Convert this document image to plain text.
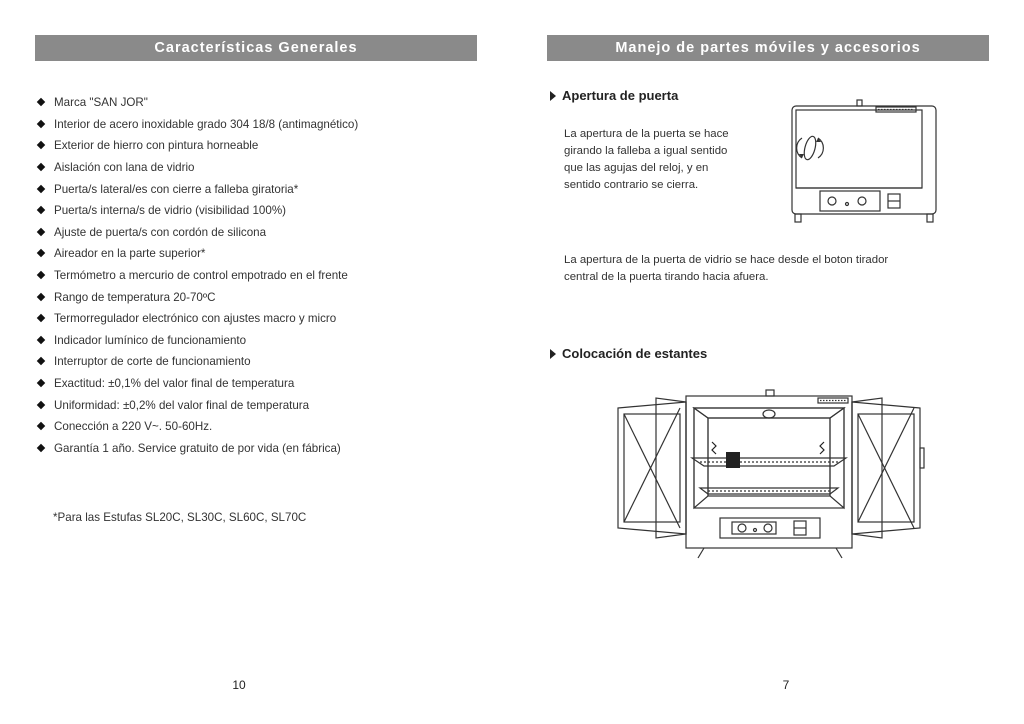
Características Generales
Marca "SAN JOR"
Interior de acero inoxidable grado 304 18/8 (antimagnético)
Exterior de hierro con pintura horneable
Aislación con lana de vidrio
Puerta/s lateral/es con cierre a falleba giratoria*
Puerta/s interna/s de vidrio (visibilidad 100%)
Ajuste de puerta/s con cordón de silicona
Aireador en la parte superior*
Termómetro a mercurio de control empotrado en el frente
Rango de temperatura 20-70ºC
Termorregulador electrónico con ajustes macro y micro
Indicador lumínico de funcionamiento
Interruptor de corte de funcionamiento
Exactitud: ±0,1% del valor final de temperatura
Uniformidad: ±0,2% del valor final de temperatura
Conección a 220 V~. 50-60Hz.
Garantía 1 año. Service gratuito de por vida (en fábrica)
*Para las Estufas SL20C, SL30C, SL60C, SL70C
10
Manejo de partes móviles y accesorios
Apertura de puerta
La apertura de la puerta se hace
girando la falleba a igual sentido
que las agujas del reloj, y en
sentido contrario se cierra.
La apertura de la puerta de vidrio se hace desde el boton tirador
central de la puerta tirando hacia afuera.
Colocación de estantes
7
